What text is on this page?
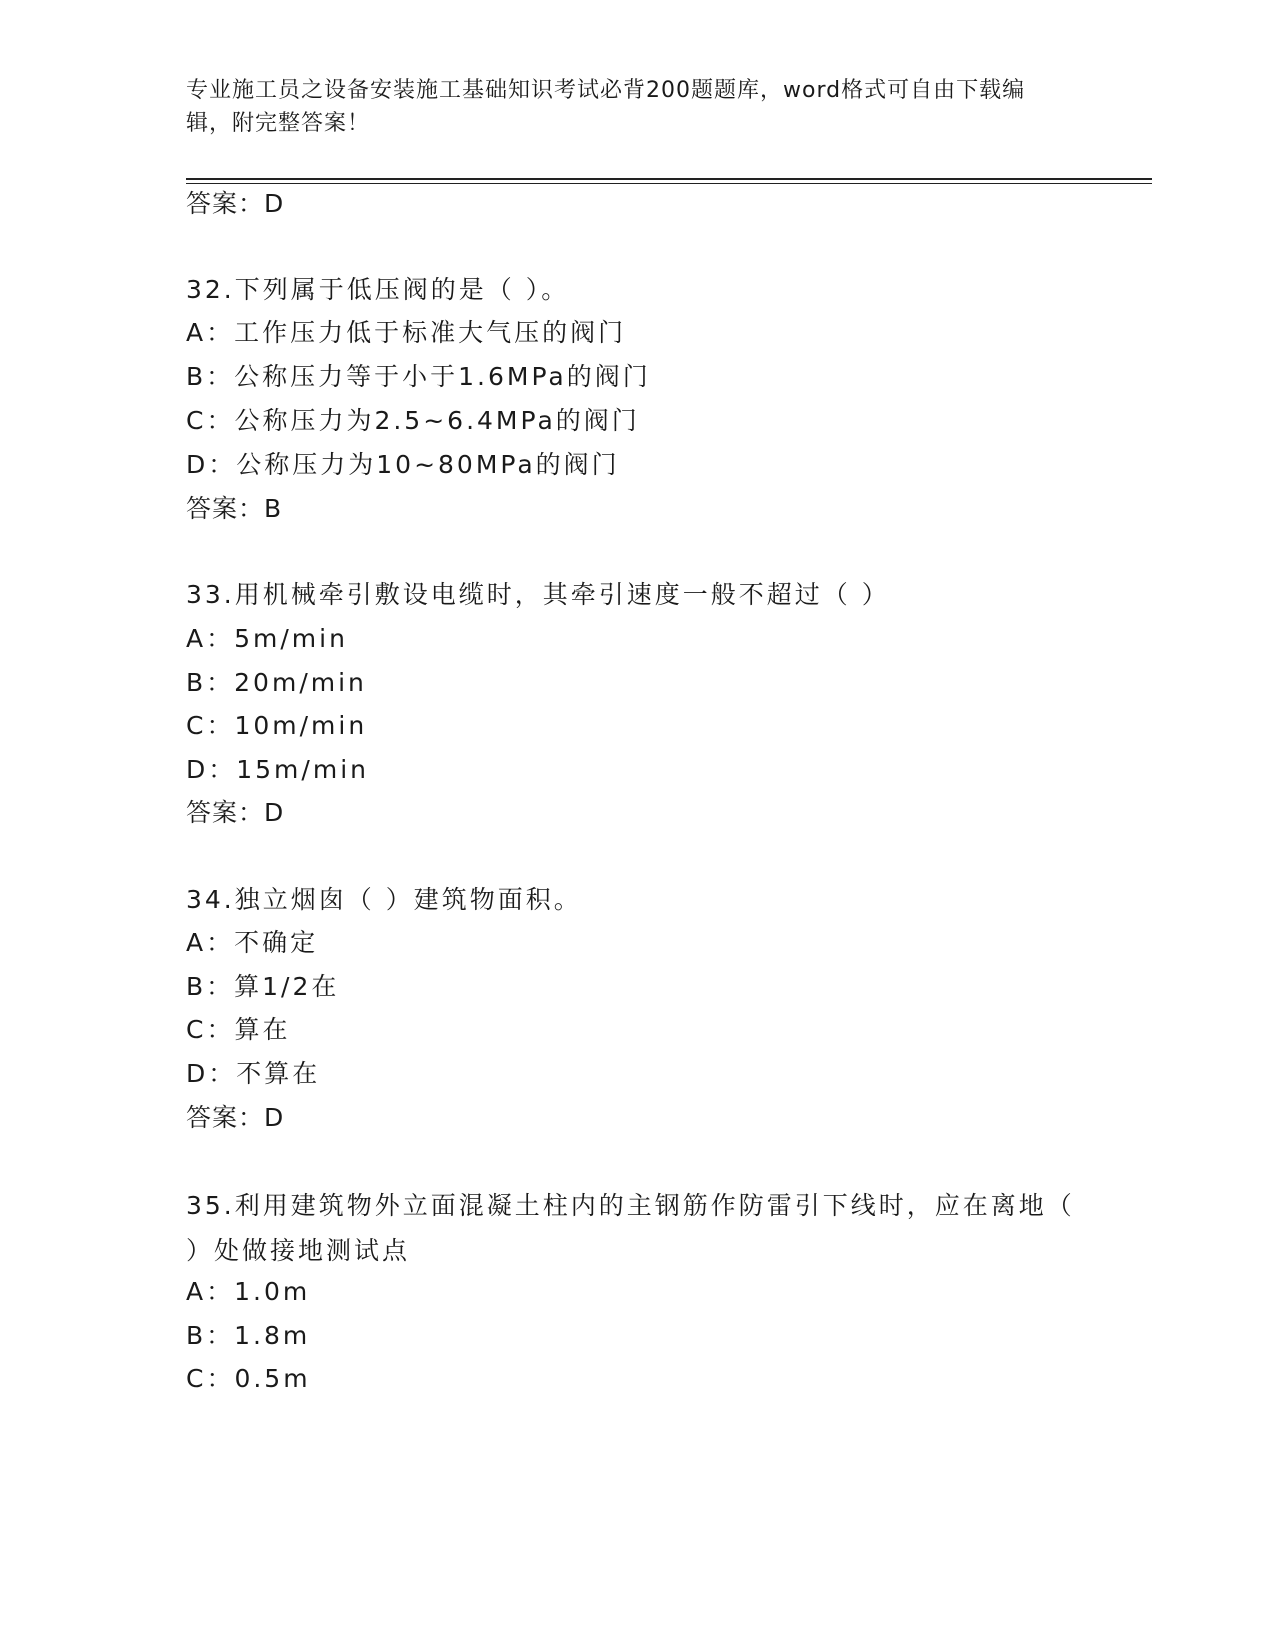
专业施工员之设备安装施工基础知识考试必背200题题库，word格式可自由下载编辑，附完整答案！
答案：D
32.下列属于低压阀的是（ ）。
A：工作压力低于标准大气压的阀门
B：公称压力等于小于1.6MPa的阀门
C：公称压力为2.5~6.4MPa的阀门
D：公称压力为10~80MPa的阀门
答案：B
33.用机械牵引敷设电缆时，其牵引速度一般不超过（ ）
A：5m/min
B：20m/min
C：10m/min
D：15m/min
答案：D
34.独立烟囱（ ）建筑物面积。
A：不确定
B：算1/2在
C：算在
D：不算在
答案：D
35.利用建筑物外立面混凝土柱内的主钢筋作防雷引下线时，应在离地（ ）处做接地测试点
A：1.0m
B：1.8m
C：0.5m
